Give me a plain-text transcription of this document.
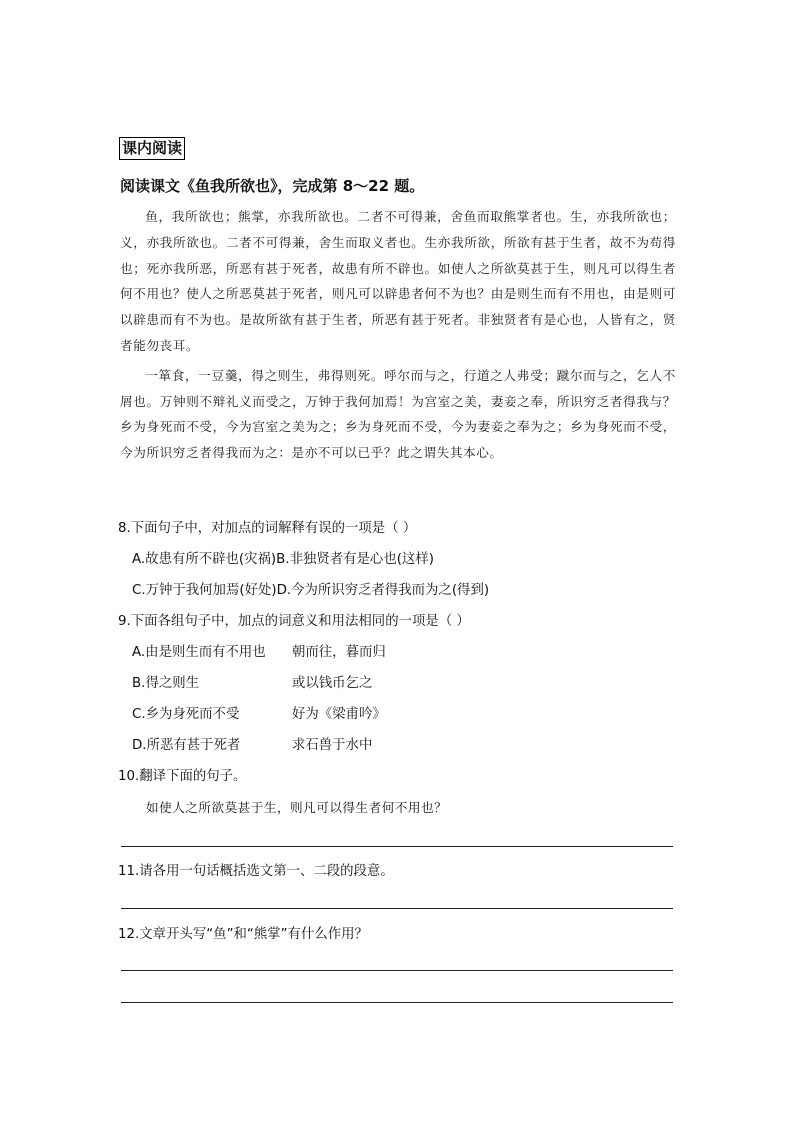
课内阅读
阅读课文《鱼我所欲也》，完成第 8～22 题。

鱼，我所欲也；熊掌，亦我所欲也。二者不可得兼，舍鱼而取熊掌者也。生，亦我所欲也；义，亦我所欲也。二者不可得兼，舍生而取义者也。生亦我所欲，所欲有甚于生者，故不为苟得也；死亦我所恶，所恶有甚于死者，故患有所不辟也。如使人之所欲莫甚于生，则凡可以得生者何不用也？使人之所恶莫甚于死者，则凡可以辟患者何不为也？由是则生而有不用也，由是则可以辟患而有不为也。是故所欲有甚于生者，所恶有甚于死者。非独贤者有是心也，人皆有之，贤者能勿丧耳。

一箪食，一豆羹，得之则生，弗得则死。呼尔而与之，行道之人弗受；蹴尔而与之，乞人不屑也。万钟则不辩礼义而受之，万钟于我何加焉！为宫室之美，妻妾之奉，所识穷乏者得我与？乡为身死而不受，今为宫室之美为之；乡为身死而不受，今为妻妾之奉为之；乡为身死而不受，今为所识穷乏者得我而为之：是亦不可以已乎？此之谓失其本心。

8.下面句子中，对加点的词解释有误的一项是（ ）
A.故患有所不辟也(灾祸)B.非独贤者有是心也(这样)
C.万钟于我何加焉(好处)D.今为所识穷乏者得我而为之(得到)
9.下面各组句子中，加点的词意义和用法相同的一项是（ ）
A.由是则生而有不用也 朝而往，暮而归
B.得之则生	或以钱币乞之
C.乡为身死而不受	好为《梁甫吟》
D.所恶有甚于死者	求石兽于水中
10.翻译下面的句子。
如使人之所欲莫甚于生，则凡可以得生者何不用也？
11.请各用一句话概括选文第一、二段的段意。
12.文章开头写“鱼”和“熊掌”有什么作用？
